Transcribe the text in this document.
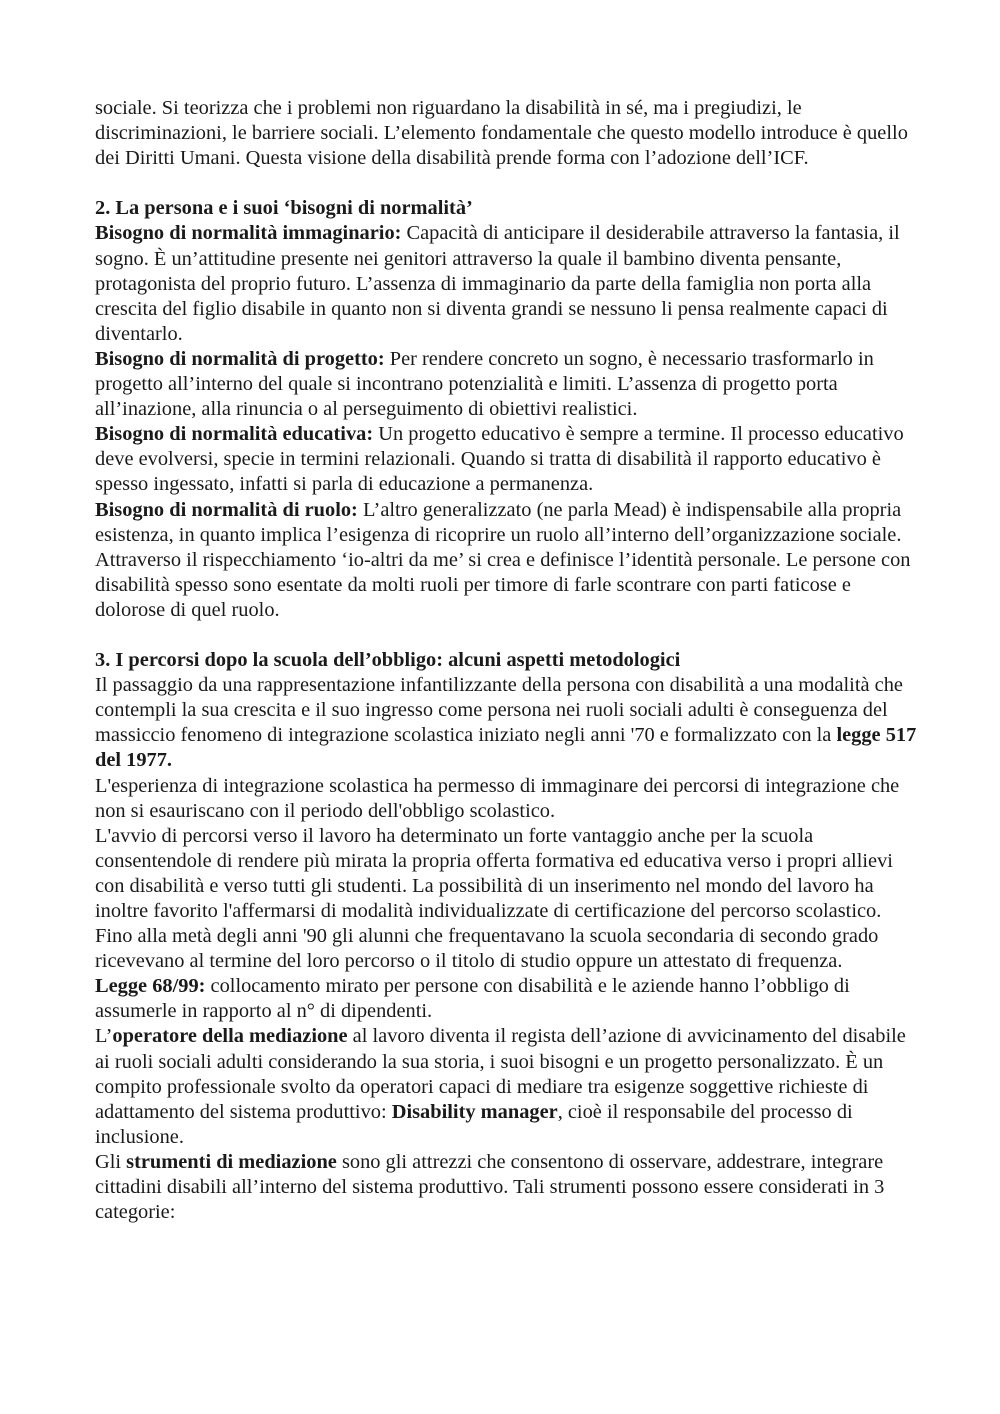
sociale. Si teorizza che i problemi non riguardano la disabilità in sé, ma i pregiudizi, le discriminazioni, le barriere sociali. L’elemento fondamentale che questo modello introduce è quello dei Diritti Umani. Questa visione della disabilità prende forma con l’adozione dell’ICF.

2. La persona e i suoi ‘bisogni di normalità’

Bisogno di normalità immaginario: Capacità di anticipare il desiderabile attraverso la fantasia, il sogno. È un’attitudine presente nei genitori attraverso la quale il bambino diventa pensante, protagonista del proprio futuro. L’assenza di immaginario da parte della famiglia non porta alla crescita del figlio disabile in quanto non si diventa grandi se nessuno li pensa realmente capaci di diventarlo.

Bisogno di normalità di progetto: Per rendere concreto un sogno, è necessario trasformarlo in progetto all’interno del quale si incontrano potenzialità e limiti. L’assenza di progetto porta all’inazione, alla rinuncia o al perseguimento di obiettivi realistici.

Bisogno di normalità educativa: Un progetto educativo è sempre a termine. Il processo educativo deve evolversi, specie in termini relazionali. Quando si tratta di disabilità il rapporto educativo è spesso ingessato, infatti si parla di educazione a permanenza.

Bisogno di normalità di ruolo: L’altro generalizzato (ne parla Mead) è indispensabile alla propria esistenza, in quanto implica l’esigenza di ricoprire un ruolo all’interno dell’organizzazione sociale. Attraverso il rispecchiamento ‘io-altri da me’ si crea e definisce l’identità personale. Le persone con disabilità spesso sono esentate da molti ruoli per timore di farle scontrare con parti faticose e dolorose di quel ruolo.

3. I percorsi dopo la scuola dell’obbligo: alcuni aspetti metodologici

Il passaggio da una rappresentazione infantilizzante della persona con disabilità a una modalità che contempli la sua crescita e il suo ingresso come persona nei ruoli sociali adulti è conseguenza del massiccio fenomeno di integrazione scolastica iniziato negli anni '70 e formalizzato con la legge 517 del 1977.

L'esperienza di integrazione scolastica ha permesso di immaginare dei percorsi di integrazione che non si esauriscano con il periodo dell'obbligo scolastico.

L'avvio di percorsi verso il lavoro ha determinato un forte vantaggio anche per la scuola consentendole di rendere più mirata la propria offerta formativa ed educativa verso i propri allievi con disabilità e verso tutti gli studenti. La possibilità di un inserimento nel mondo del lavoro ha inoltre favorito l'affermarsi di modalità individualizzate di certificazione del percorso scolastico. Fino alla metà degli anni '90 gli alunni che frequentavano la scuola secondaria di secondo grado ricevevano al termine del loro percorso o il titolo di studio oppure un attestato di frequenza.

Legge 68/99: collocamento mirato per persone con disabilità e le aziende hanno l’obbligo di assumerle in rapporto al n° di dipendenti.

L’operatore della mediazione al lavoro diventa il regista dell’azione di avvicinamento del disabile ai ruoli sociali adulti considerando la sua storia, i suoi bisogni e un progetto personalizzato. È un compito professionale svolto da operatori capaci di mediare tra esigenze soggettive richieste di adattamento del sistema produttivo: Disability manager, cioè il responsabile del processo di inclusione.

Gli strumenti di mediazione sono gli attrezzi che consentono di osservare, addestrare, integrare cittadini disabili all’interno del sistema produttivo. Tali strumenti possono essere considerati in 3 categorie:
